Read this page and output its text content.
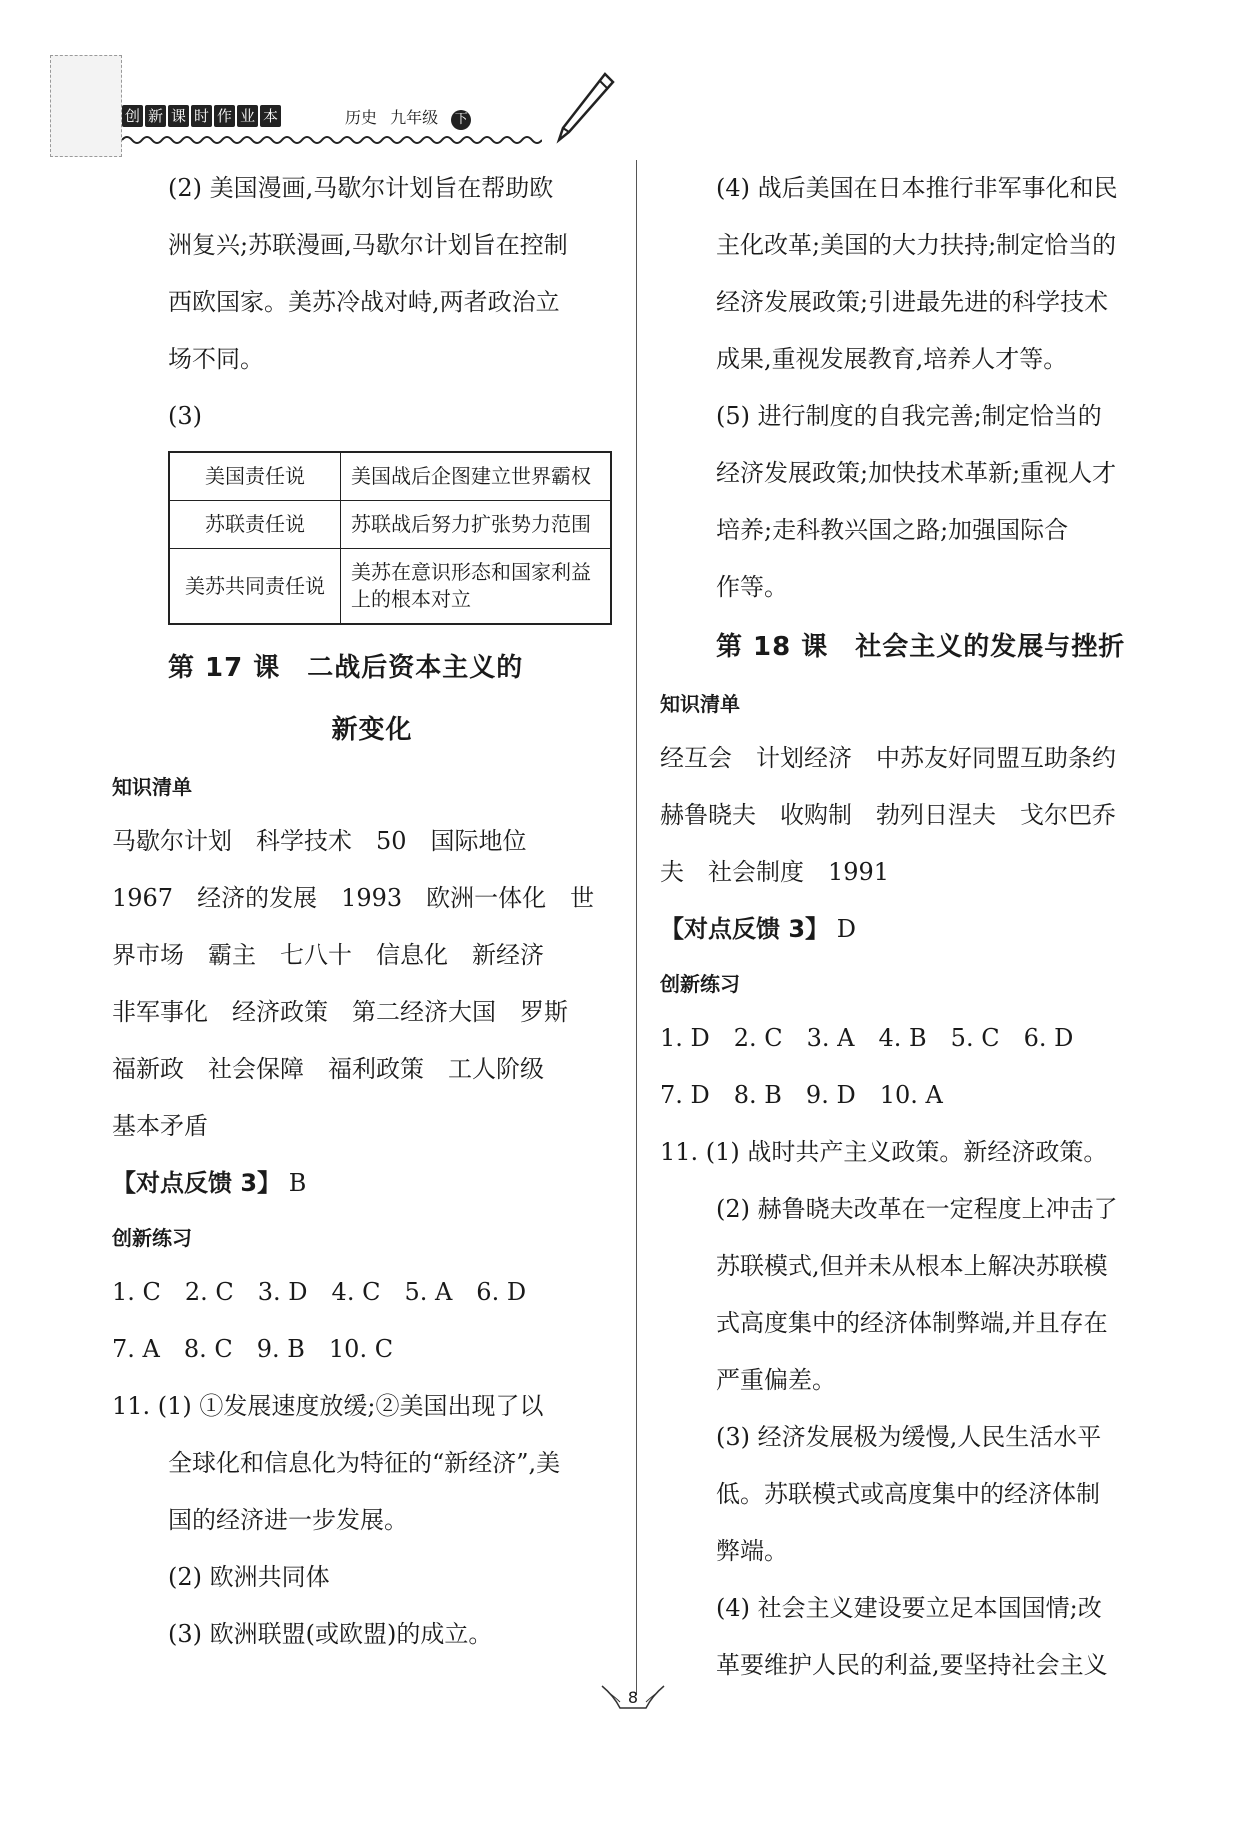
创 新 课 时 作 业 本	历史 九年级 下

(2) 美国漫画,马歇尔计划旨在帮助欧

洲复兴;苏联漫画,马歇尔计划旨在控制

西欧国家。美苏冷战对峙,两者政治立

场不同。

(3)

美国责任说	美国战后企图建立世界霸权
苏联责任说	苏联战后努力扩张势力范围
美苏共同责任说	美苏在意识形态和国家利益上的根本对立

第 17 课　二战后资本主义的

新变化

知识清单

马歇尔计划　科学技术　50　国际地位

1967　经济的发展　1993　欧洲一体化　世

界市场　霸主　七八十　信息化　新经济

非军事化　经济政策　第二经济大国　罗斯

福新政　社会保障　福利政策　工人阶级

基本矛盾

【对点反馈 3】 B

创新练习

1. C　2. C　3. D　4. C　5. A　6. D

7. A　8. C　9. B　10. C

11. (1) ①发展速度放缓;②美国出现了以

全球化和信息化为特征的“新经济”,美

国的经济进一步发展。

(2) 欧洲共同体

(3) 欧洲联盟(或欧盟)的成立。

(4) 战后美国在日本推行非军事化和民

主化改革;美国的大力扶持;制定恰当的

经济发展政策;引进最先进的科学技术

成果,重视发展教育,培养人才等。

(5) 进行制度的自我完善;制定恰当的

经济发展政策;加快技术革新;重视人才

培养;走科教兴国之路;加强国际合

作等。

第 18 课　社会主义的发展与挫折

知识清单

经互会　计划经济　中苏友好同盟互助条约

赫鲁晓夫　收购制　勃列日涅夫　戈尔巴乔

夫　社会制度　1991

【对点反馈 3】 D

创新练习

1. D　2. C　3. A　4. B　5. C　6. D

7. D　8. B　9. D　10. A

11. (1) 战时共产主义政策。新经济政策。

(2) 赫鲁晓夫改革在一定程度上冲击了

苏联模式,但并未从根本上解决苏联模

式高度集中的经济体制弊端,并且存在

严重偏差。

(3) 经济发展极为缓慢,人民生活水平

低。苏联模式或高度集中的经济体制

弊端。

(4) 社会主义建设要立足本国国情;改

革要维护人民的利益,要坚持社会主义

8
